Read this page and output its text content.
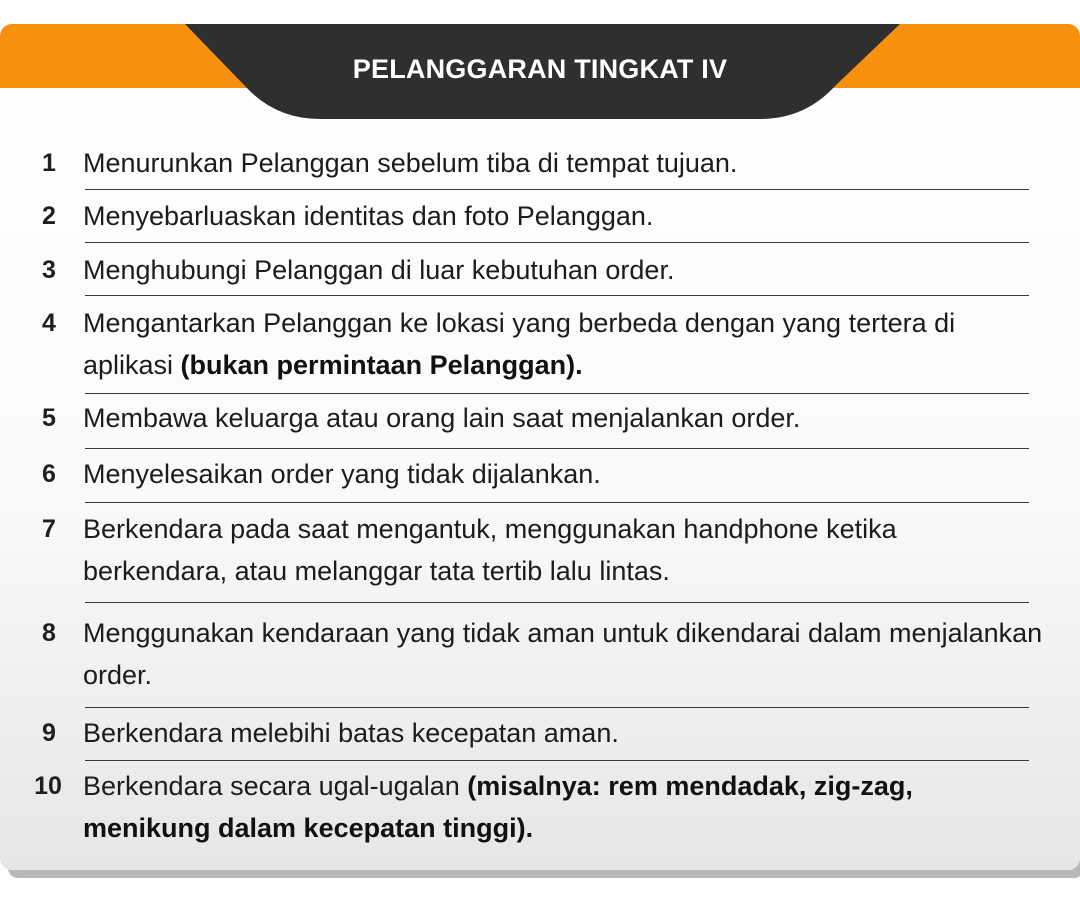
PELANGGARAN TINGKAT IV
1	Menurunkan Pelanggan sebelum tiba di tempat tujuan.
2	Menyebarluaskan identitas dan foto Pelanggan.
3	Menghubungi Pelanggan di luar kebutuhan order.
4	Mengantarkan Pelanggan ke lokasi yang berbeda dengan yang tertera di aplikasi (bukan permintaan Pelanggan).
5	Membawa keluarga atau orang lain saat menjalankan order.
6	Menyelesaikan order yang tidak dijalankan.
7	Berkendara pada saat mengantuk, menggunakan handphone ketika berkendara, atau melanggar tata tertib lalu lintas.
8	Menggunakan kendaraan yang tidak aman untuk dikendarai dalam menjalankan order.
9	Berkendara melebihi batas kecepatan aman.
10 Berkendara secara ugal-ugalan (misalnya: rem mendadak, zig-zag, menikung dalam kecepatan tinggi).
